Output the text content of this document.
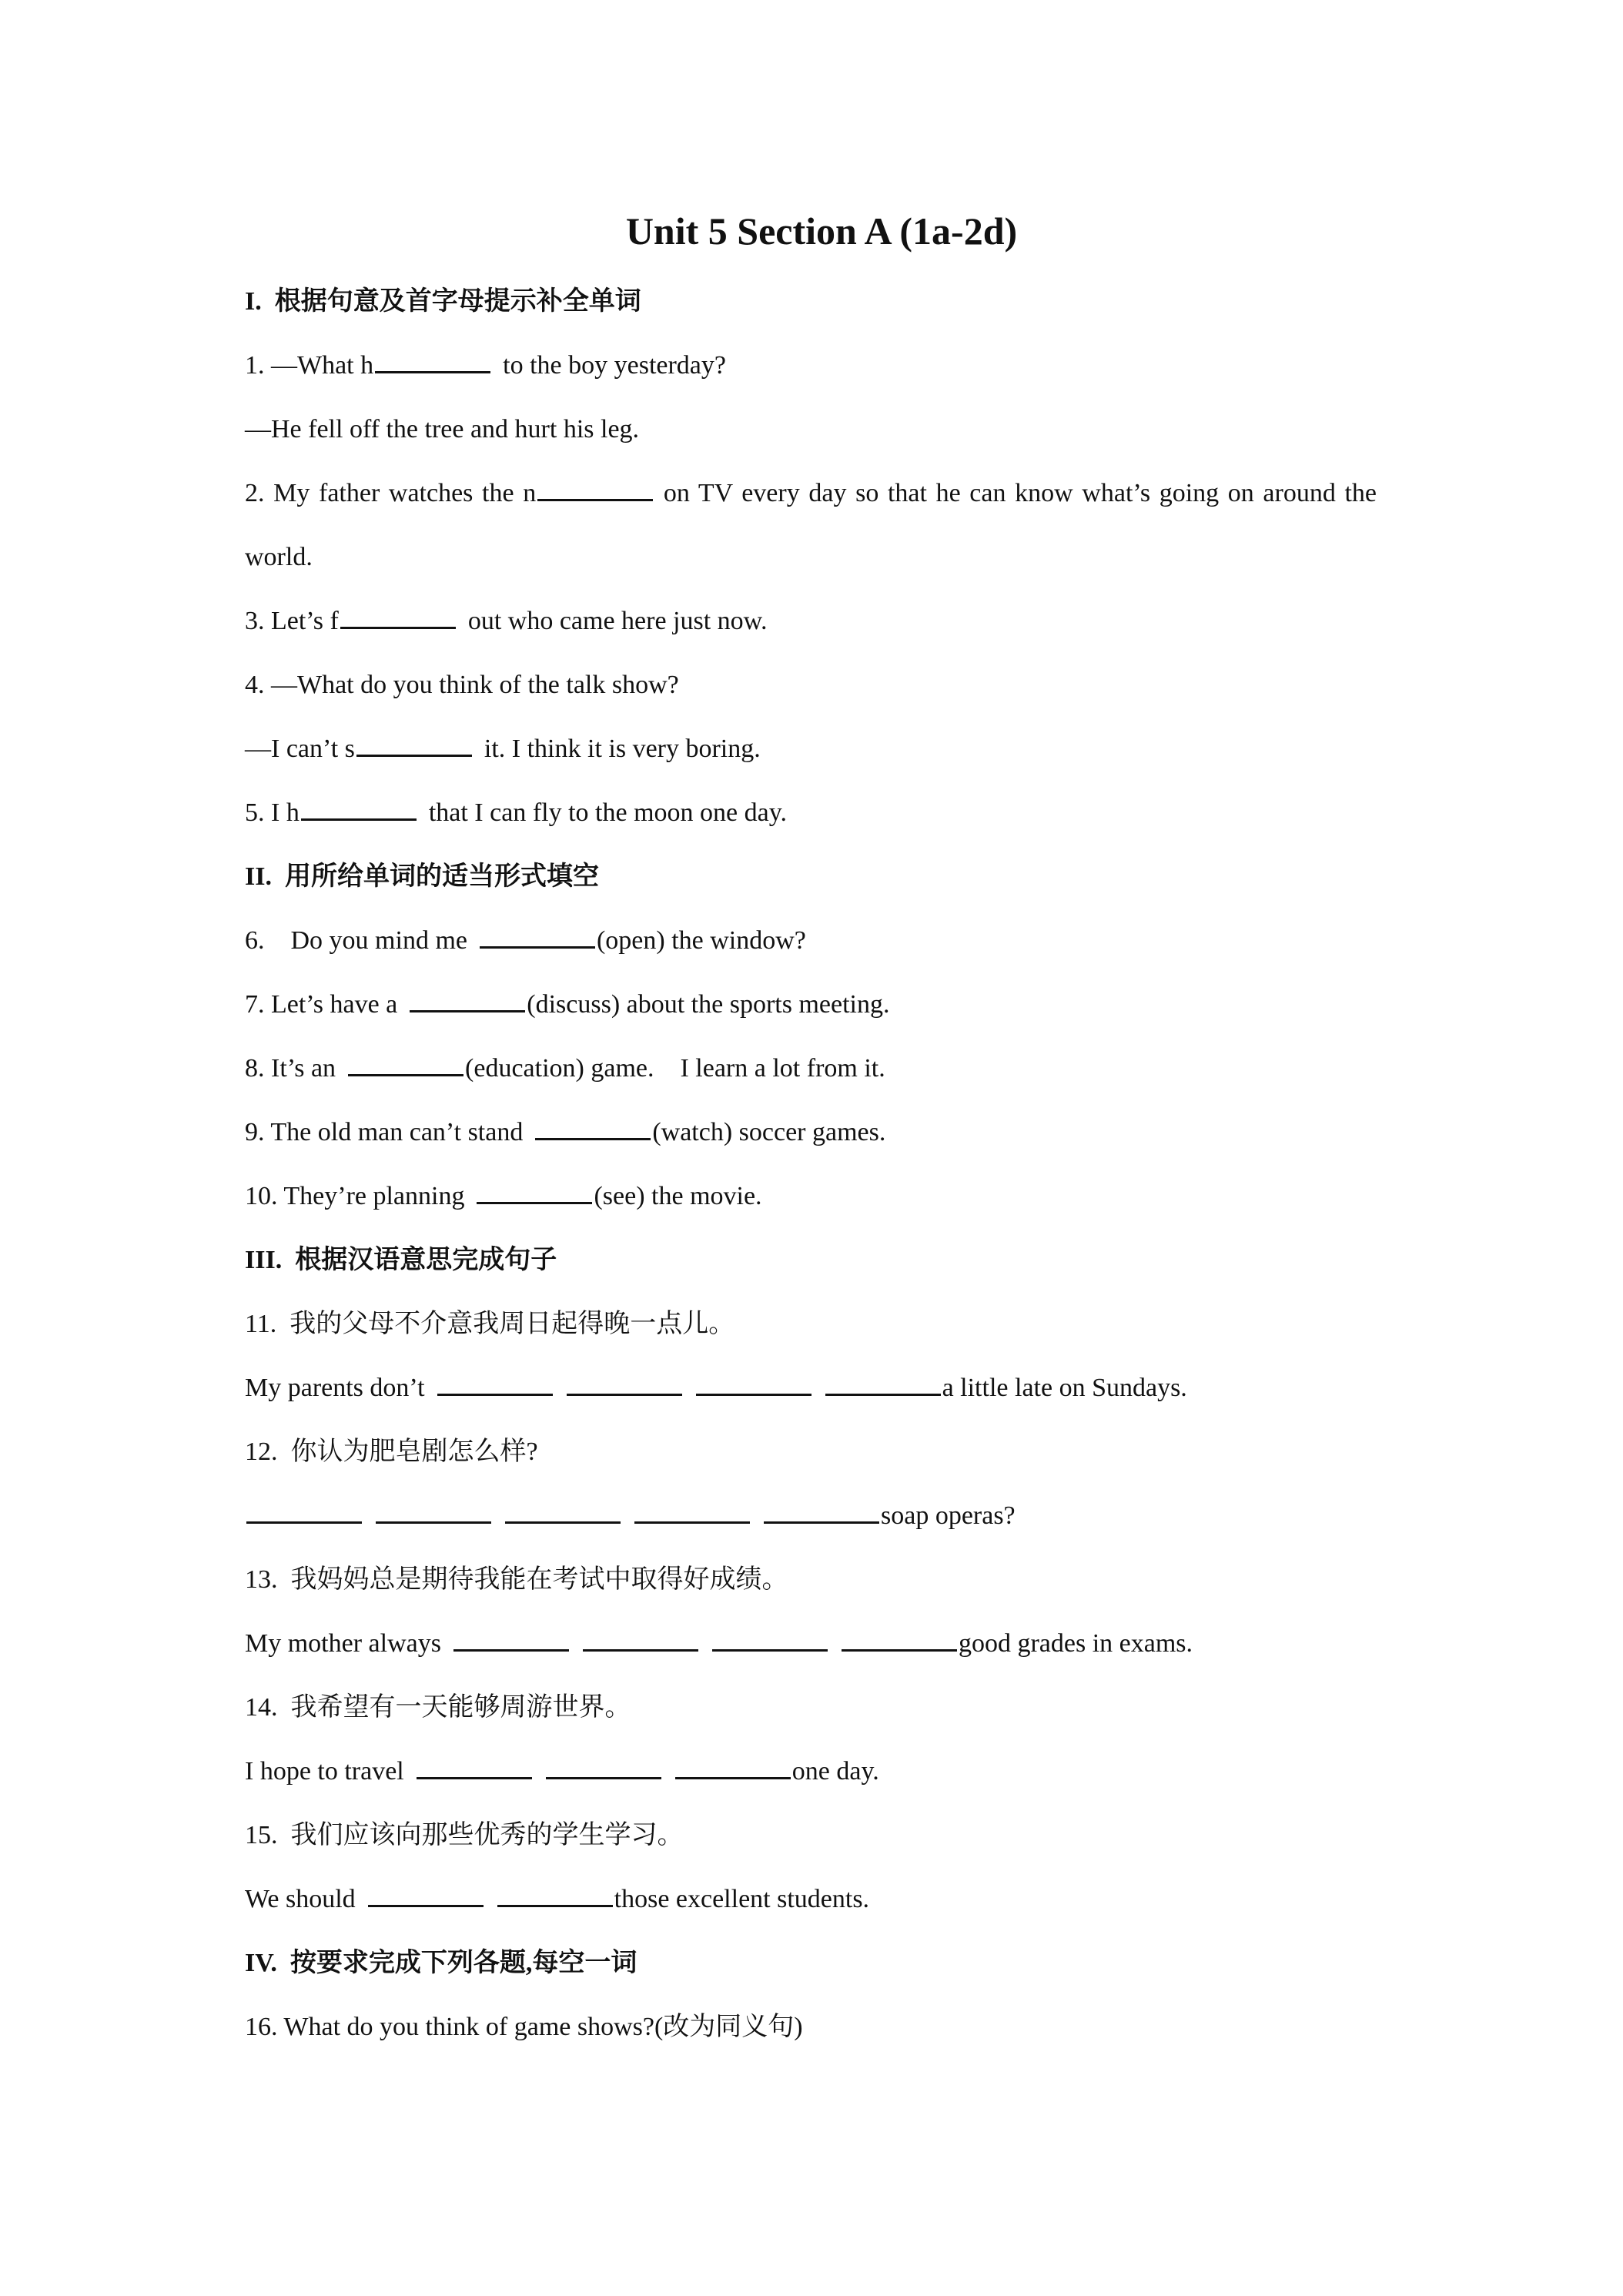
Unit 5 Section A (1a-2d)
I.  根据句意及首字母提示补全单词
1. —What h	to the boy yesterday?
—He fell off the tree and hurt his leg.
2. My father watches the n	on TV every day so that he can know what’s going on around the world.
3. Let’s f	out who came here just now.
4. —What do you think of the talk show?
—I can’t s	it. I think it is very boring.
5. I h	that I can fly to the moon one day.
II.  用所给单词的适当形式填空
6.    Do you mind me	(open) the window?
7. Let’s have a	(discuss) about the sports meeting.
8. It’s an	(education) game.    I learn a lot from it.
9. The old man can’t stand	(watch) soccer games.
10. They’re planning	(see) the movie.
III.  根据汉语意思完成句子
11.  我的父母不介意我周日起得晚一点儿。
My parents don’t	a little late on Sundays.
12.  你认为肥皂剧怎么样?
soap operas?
13.  我妈妈总是期待我能在考试中取得好成绩。
My mother always	good grades in exams.
14.  我希望有一天能够周游世界。
I hope to travel	one day.
15.  我们应该向那些优秀的学生学习。
We should	those excellent students.
IV.  按要求完成下列各题,每空一词
16. What do you think of game shows?(改为同义句)
